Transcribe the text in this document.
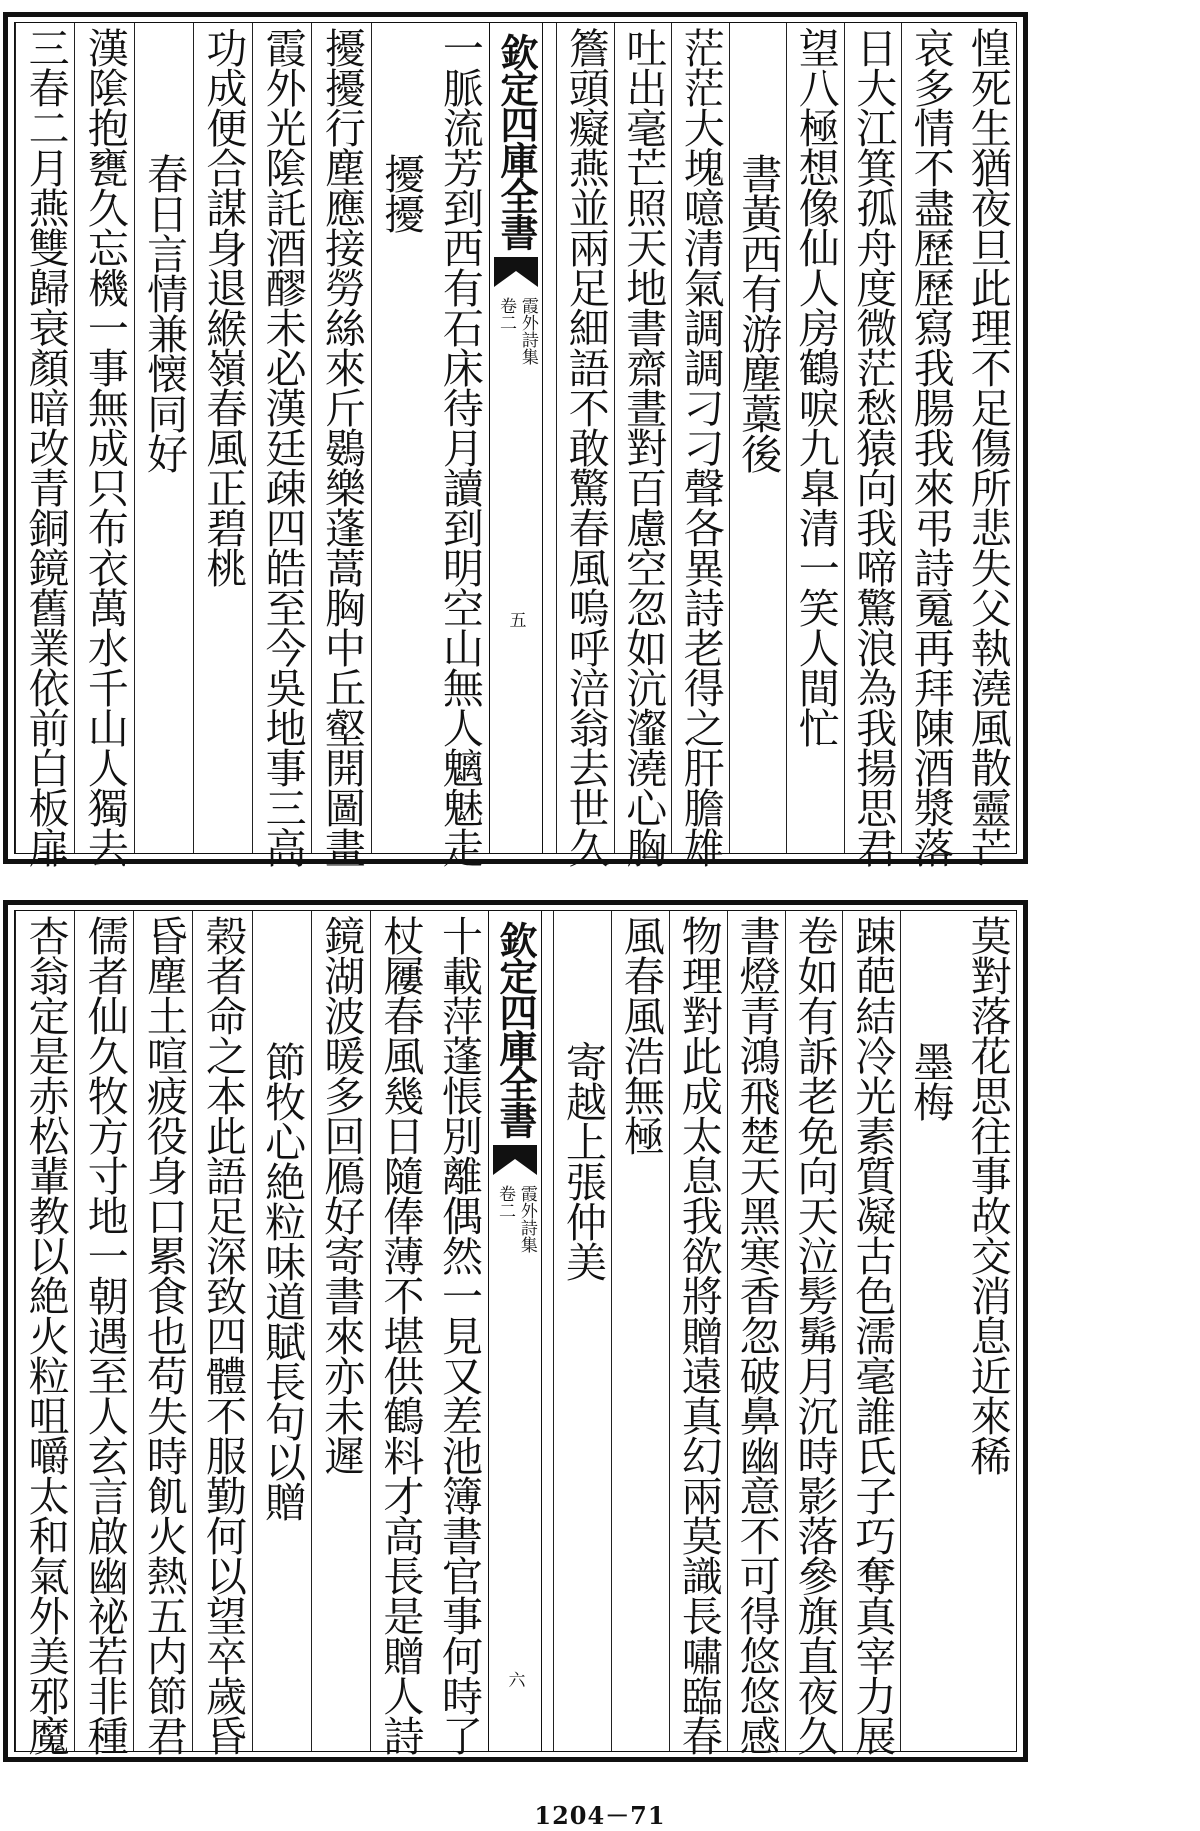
惶死生猶夜旦此理不足傷所悲失父執澆風散靈芒
哀多情不盡歷歷寫我腸我來弔詩䰟再拜陳酒漿落
日大江箕孤舟度微茫愁猿向我啼驚浪為我揚思君
望八極想像仙人房鶴唳九臯清一笑人間忙
書黃西有游塵藁後
茫茫大塊噫清氣調調刁刁聲各異詩老得之肝膽雄
吐出毫芒照天地書齋晝對百慮空忽如沆瀣澆心胸
簷頭癡燕並兩足細語不敢驚春風嗚呼涪翁去世久
欽定四庫全書
霞外詩集
卷二
五
一脈流芳到西有石床待月讀到明空山無人魑魅走
擾擾
擾擾行塵應接勞絲來斤鷃樂蓬蒿胸中丘壑開圖畫
霞外光隂託酒醪未必漢廷疎四皓至今吳地事三高
功成便合謀身退緱嶺春風正碧桃
春日言情兼懐同好
漢隂抱甕久忘機一事無成只布衣萬水千山人獨去
三春二月燕雙歸衰顏暗改青銅鏡舊業依前白板扉
莫對落花思往事故交消息近來稀
墨梅
踈葩結冷光素質凝古色濡毫誰氏子巧奪真宰力展
卷如有訴老免向天泣髣髴月沉時影落參旗直夜久
書燈青鴻飛楚天黑寒香忽破鼻幽意不可得悠悠感
物理對此成太息我欲將贈遠真幻兩莫識長嘯臨春
風春風浩無極
寄越上張仲美
欽定四庫全書
霞外詩集
卷二
六
十載萍蓬悵別離偶然一見又差池簿書官事何時了
杖屨春風幾日隨俸薄不堪供鶴料才高長是贈人詩
鏡湖波暖多回鴈好寄書來亦未遲
節牧心絶粒味道賦長句以贈
榖者命之本此語足深致四體不服勤何以望卒歲昏
昏塵土喧疲役身口累食也苟失時飢火熱五内節君
儒者仙久牧方寸地一朝遇至人玄言啟幽祕若非種
杏翁定是赤松輩教以絶火粒咀嚼太和氣外美邪魔
1204－71
